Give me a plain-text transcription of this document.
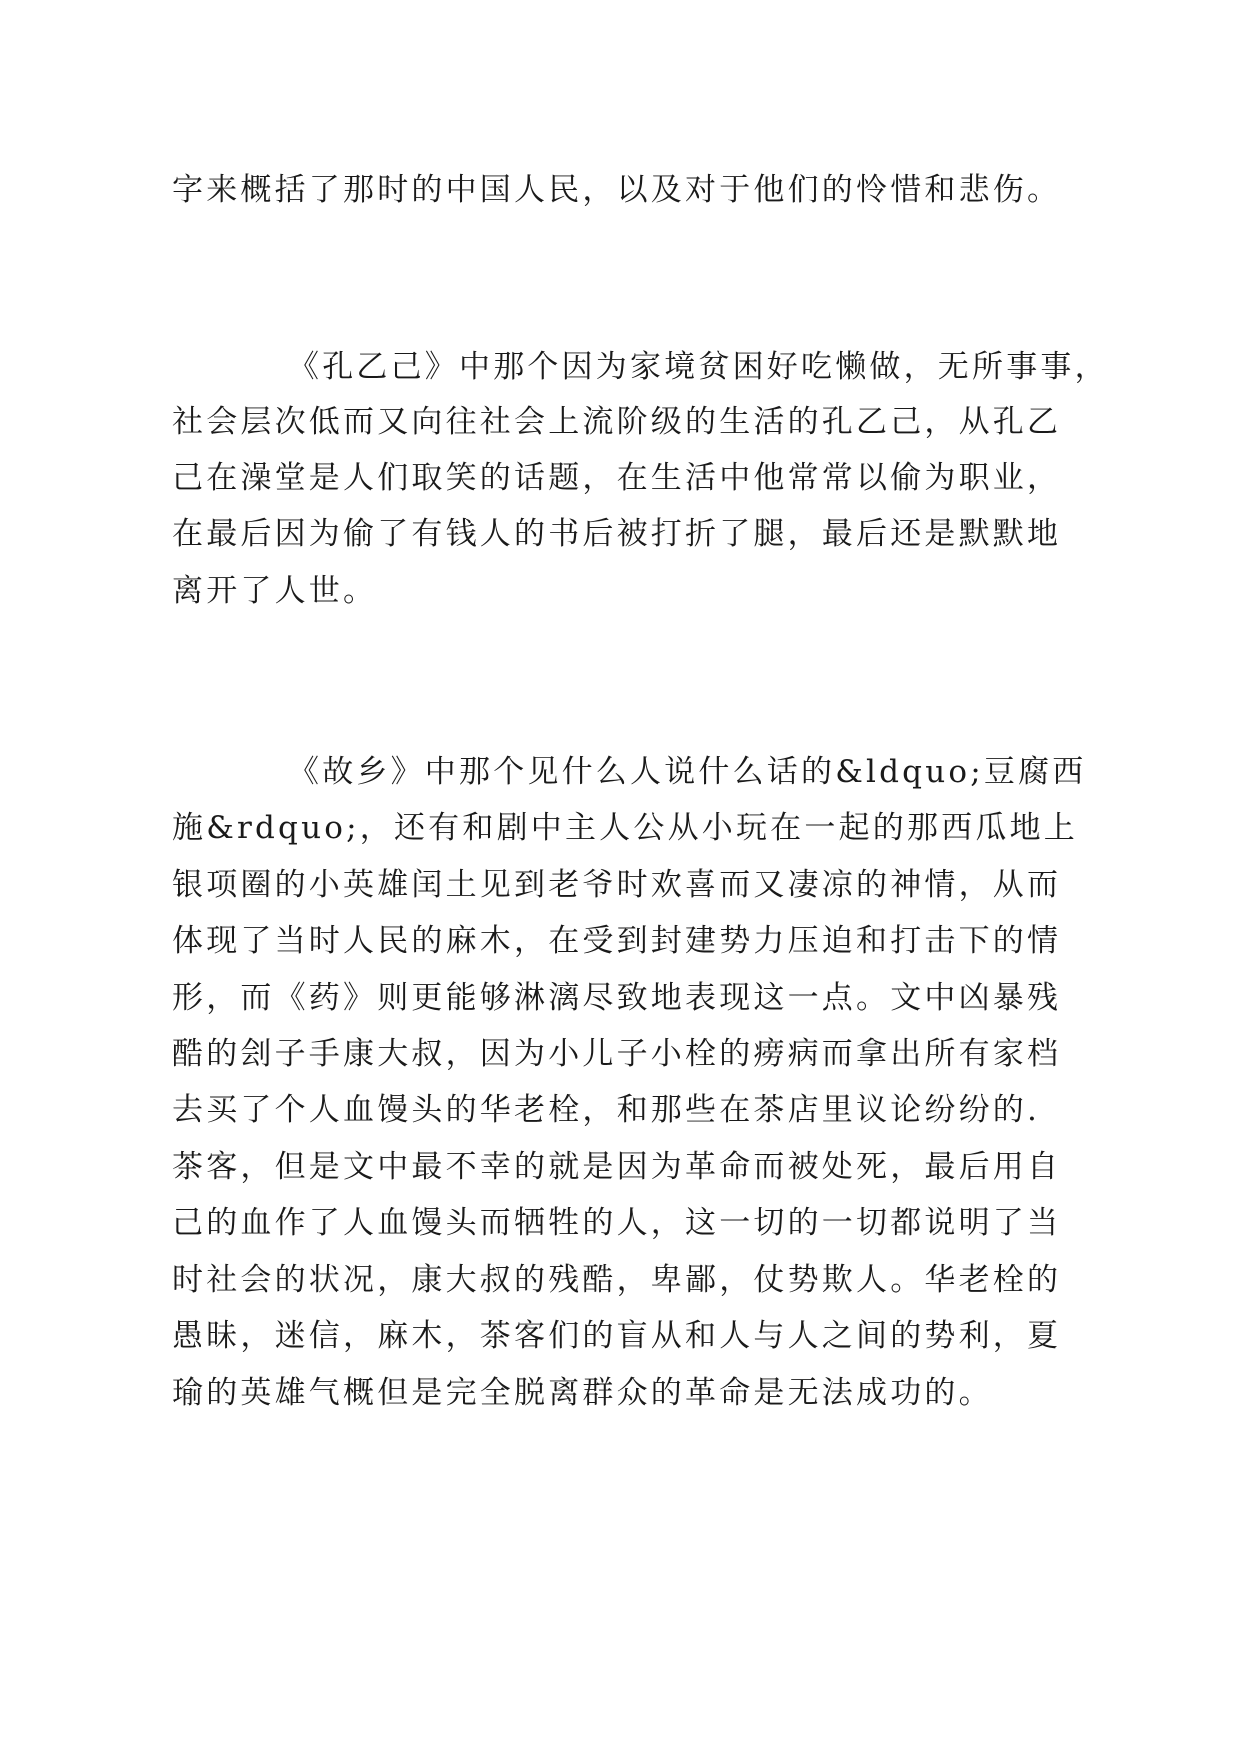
字来概括了那时的中国人民，以及对于他们的怜惜和悲伤。
《孔乙己》中那个因为家境贫困好吃懒做，无所事事，
社会层次低而又向往社会上流阶级的生活的孔乙己，从孔乙
己在澡堂是人们取笑的话题，在生活中他常常以偷为职业，
在最后因为偷了有钱人的书后被打折了腿，最后还是默默地
离开了人世。
《故乡》中那个见什么人说什么话的&ldquo;豆腐西
施&rdquo;，还有和剧中主人公从小玩在一起的那西瓜地上
银项圈的小英雄闰土见到老爷时欢喜而又凄凉的神情，从而
体现了当时人民的麻木，在受到封建势力压迫和打击下的情
形，而《药》则更能够淋漓尽致地表现这一点。文中凶暴残
酷的刽子手康大叔，因为小儿子小栓的痨病而拿出所有家档
去买了个人血馒头的华老栓，和那些在茶店里议论纷纷的.
茶客，但是文中最不幸的就是因为革命而被处死，最后用自
己的血作了人血馒头而牺牲的人，这一切的一切都说明了当
时社会的状况，康大叔的残酷，卑鄙，仗势欺人。华老栓的
愚昧，迷信，麻木，茶客们的盲从和人与人之间的势利，夏
瑜的英雄气概但是完全脱离群众的革命是无法成功的。
